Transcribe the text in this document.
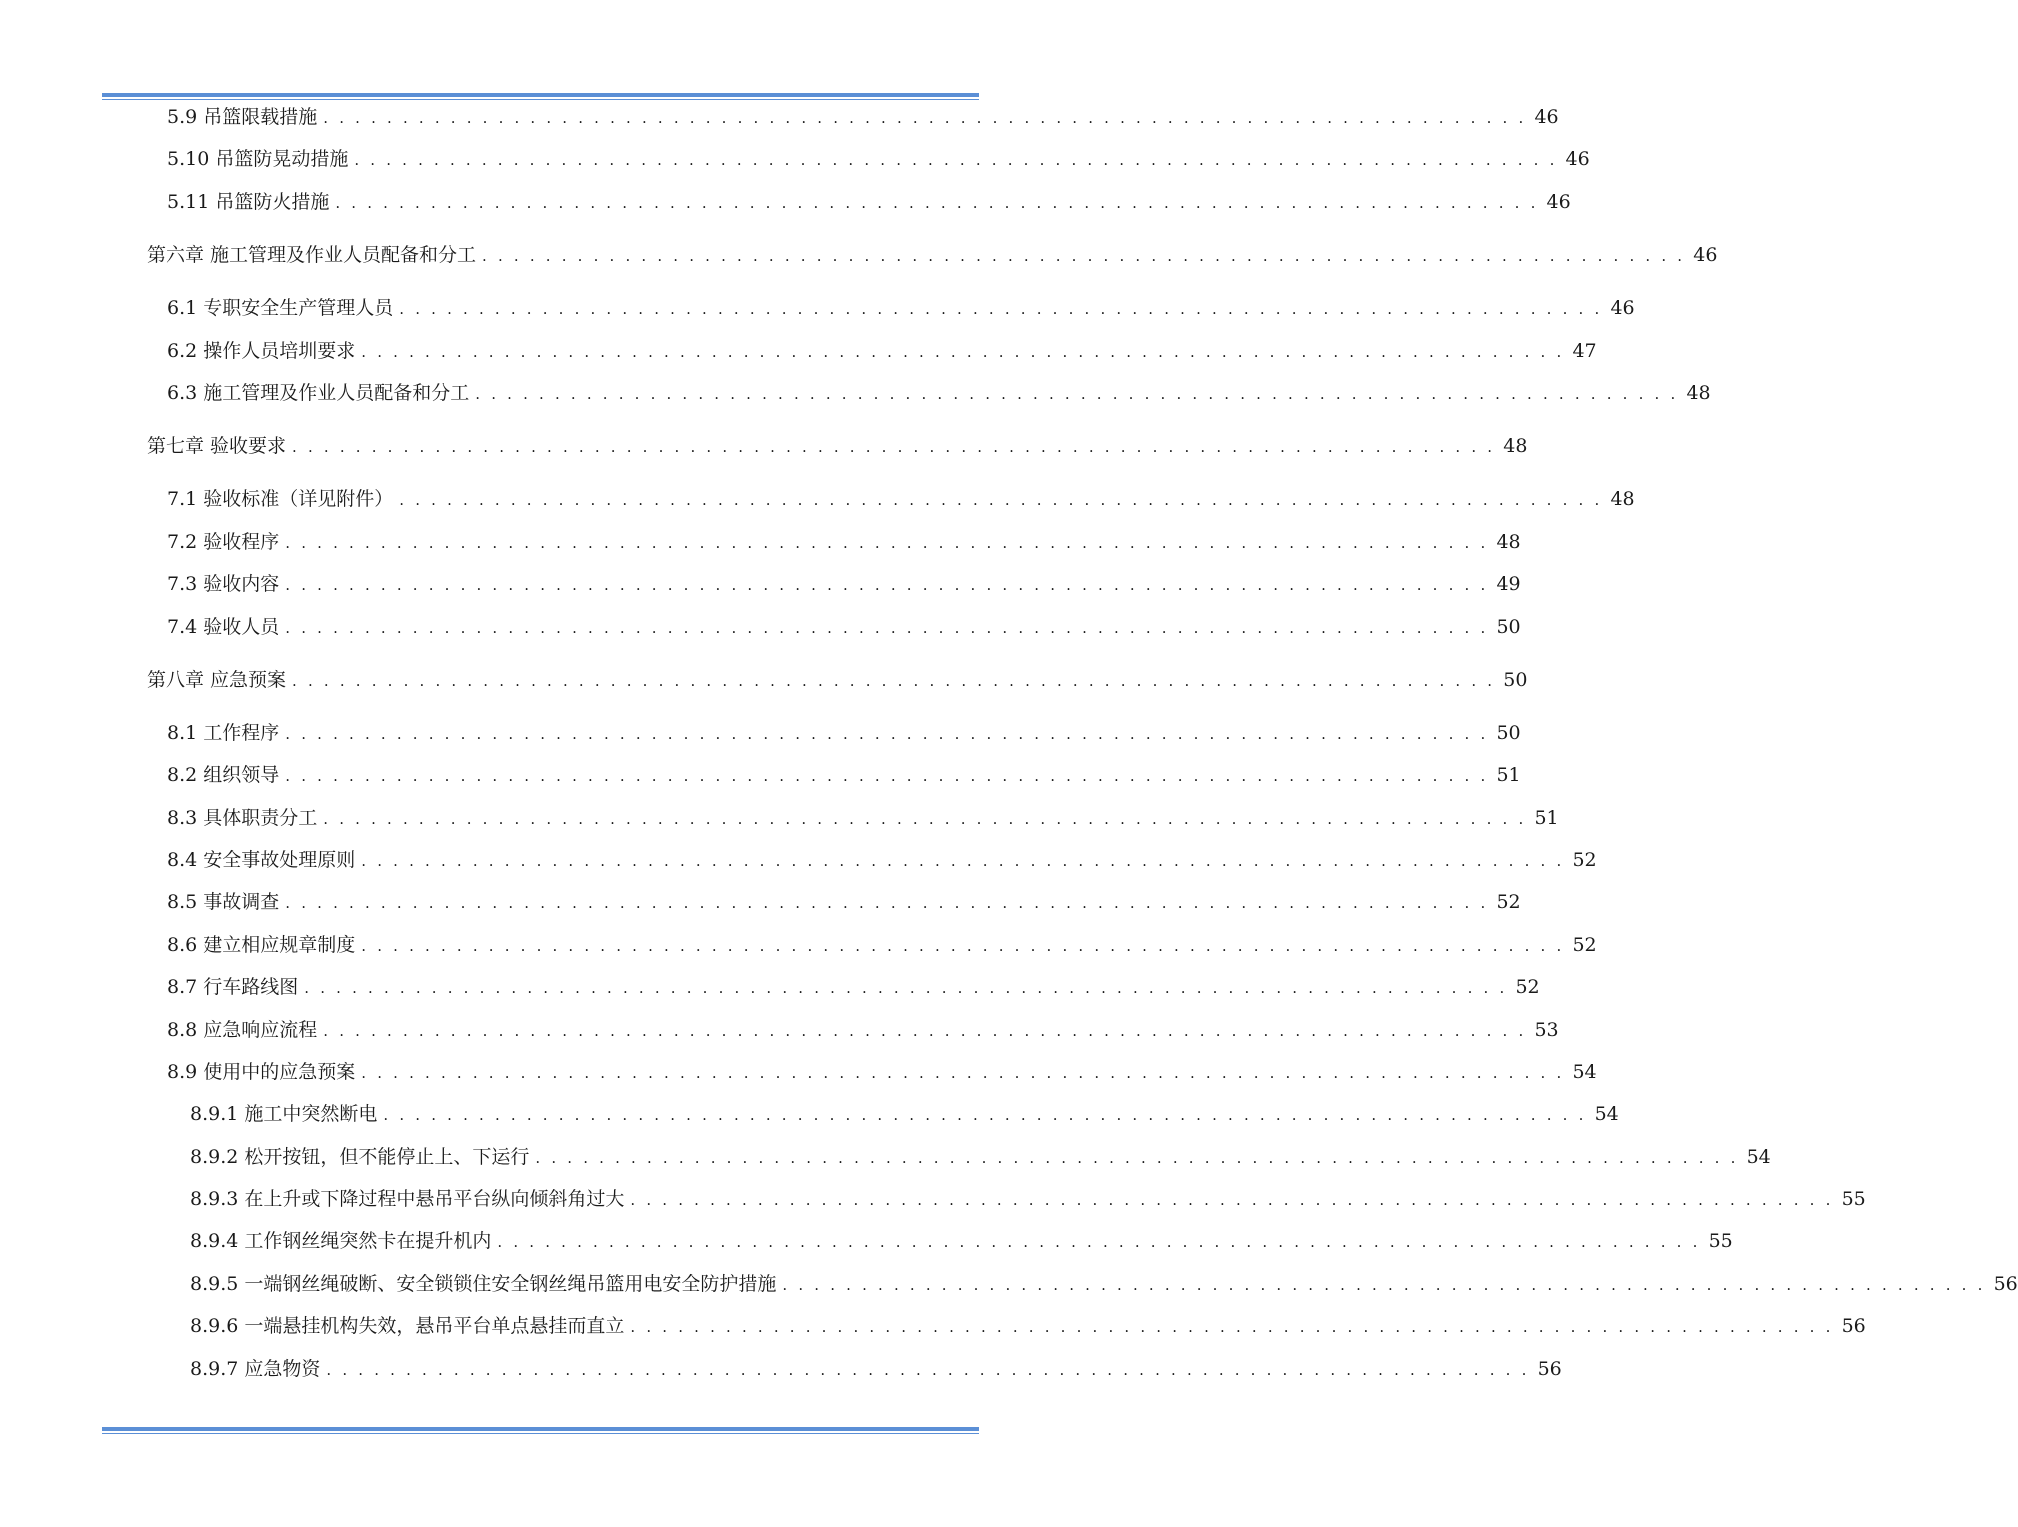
5.9 吊篮限载措施 . . . . . . . . . . . . . . . . . . . . . . . . . . . . . . . . . . . . . . . . . . . . . . . . . . . . . . . . . . . . . . . . . . . . . . . . . . . . 46
5.10 吊篮防晃动措施 . . . . . . . . . . . . . . . . . . . . . . . . . . . . . . . . . . . . . . . . . . . . . . . . . . . . . . . . . . . . . . . . . . . . . . . . . . . . 46
5.11 吊篮防火措施 . . . . . . . . . . . . . . . . . . . . . . . . . . . . . . . . . . . . . . . . . . . . . . . . . . . . . . . . . . . . . . . . . . . . . . . . . . . . 46
第六章 施工管理及作业人员配备和分工 . . . . . . . . . . . . . . . . . . . . . . . . . . . . . . . . . . . . . . . . . . . . . . . . . . . . . . . . . . . . . . . . . . . . . . . . . . . . 46
6.1 专职安全生产管理人员 . . . . . . . . . . . . . . . . . . . . . . . . . . . . . . . . . . . . . . . . . . . . . . . . . . . . . . . . . . . . . . . . . . . . . . . . . . . . 46
6.2 操作人员培圳要求 . . . . . . . . . . . . . . . . . . . . . . . . . . . . . . . . . . . . . . . . . . . . . . . . . . . . . . . . . . . . . . . . . . . . . . . . . . . . 47
6.3 施工管理及作业人员配备和分工 . . . . . . . . . . . . . . . . . . . . . . . . . . . . . . . . . . . . . . . . . . . . . . . . . . . . . . . . . . . . . . . . . . . . . . . . . . . . 48
第七章 验收要求 . . . . . . . . . . . . . . . . . . . . . . . . . . . . . . . . . . . . . . . . . . . . . . . . . . . . . . . . . . . . . . . . . . . . . . . . . . . . 48
7.1 验收标准（详见附件） . . . . . . . . . . . . . . . . . . . . . . . . . . . . . . . . . . . . . . . . . . . . . . . . . . . . . . . . . . . . . . . . . . . . . . . . . . . . 48
7.2 验收程序 . . . . . . . . . . . . . . . . . . . . . . . . . . . . . . . . . . . . . . . . . . . . . . . . . . . . . . . . . . . . . . . . . . . . . . . . . . . . 48
7.3 验收内容 . . . . . . . . . . . . . . . . . . . . . . . . . . . . . . . . . . . . . . . . . . . . . . . . . . . . . . . . . . . . . . . . . . . . . . . . . . . . 49
7.4 验收人员 . . . . . . . . . . . . . . . . . . . . . . . . . . . . . . . . . . . . . . . . . . . . . . . . . . . . . . . . . . . . . . . . . . . . . . . . . . . . 50
第八章 应急预案 . . . . . . . . . . . . . . . . . . . . . . . . . . . . . . . . . . . . . . . . . . . . . . . . . . . . . . . . . . . . . . . . . . . . . . . . . . . . 50
8.1 工作程序 . . . . . . . . . . . . . . . . . . . . . . . . . . . . . . . . . . . . . . . . . . . . . . . . . . . . . . . . . . . . . . . . . . . . . . . . . . . . 50
8.2 组织领导 . . . . . . . . . . . . . . . . . . . . . . . . . . . . . . . . . . . . . . . . . . . . . . . . . . . . . . . . . . . . . . . . . . . . . . . . . . . . 51
8.3 具体职责分工 . . . . . . . . . . . . . . . . . . . . . . . . . . . . . . . . . . . . . . . . . . . . . . . . . . . . . . . . . . . . . . . . . . . . . . . . . . . . 51
8.4 安全事故处理原则 . . . . . . . . . . . . . . . . . . . . . . . . . . . . . . . . . . . . . . . . . . . . . . . . . . . . . . . . . . . . . . . . . . . . . . . . . . . . 52
8.5 事故调查 . . . . . . . . . . . . . . . . . . . . . . . . . . . . . . . . . . . . . . . . . . . . . . . . . . . . . . . . . . . . . . . . . . . . . . . . . . . . 52
8.6 建立相应规章制度 . . . . . . . . . . . . . . . . . . . . . . . . . . . . . . . . . . . . . . . . . . . . . . . . . . . . . . . . . . . . . . . . . . . . . . . . . . . . 52
8.7 行车路线图 . . . . . . . . . . . . . . . . . . . . . . . . . . . . . . . . . . . . . . . . . . . . . . . . . . . . . . . . . . . . . . . . . . . . . . . . . . . . 52
8.8 应急响应流程 . . . . . . . . . . . . . . . . . . . . . . . . . . . . . . . . . . . . . . . . . . . . . . . . . . . . . . . . . . . . . . . . . . . . . . . . . . . . 53
8.9 使用中的应急预案 . . . . . . . . . . . . . . . . . . . . . . . . . . . . . . . . . . . . . . . . . . . . . . . . . . . . . . . . . . . . . . . . . . . . . . . . . . . . 54
8.9.1 施工中突然断电 . . . . . . . . . . . . . . . . . . . . . . . . . . . . . . . . . . . . . . . . . . . . . . . . . . . . . . . . . . . . . . . . . . . . . . . . . . . . 54
8.9.2 松开按钮，但不能停止上、下运行 . . . . . . . . . . . . . . . . . . . . . . . . . . . . . . . . . . . . . . . . . . . . . . . . . . . . . . . . . . . . . . . . . . . . . . . . . . . . 54
8.9.3 在上升或下降过程中悬吊平台纵向倾斜角过大 . . . . . . . . . . . . . . . . . . . . . . . . . . . . . . . . . . . . . . . . . . . . . . . . . . . . . . . . . . . . . . . . . . . . . . . . . . . . 55
8.9.4 工作钢丝绳突然卡在提升机内 . . . . . . . . . . . . . . . . . . . . . . . . . . . . . . . . . . . . . . . . . . . . . . . . . . . . . . . . . . . . . . . . . . . . . . . . . . . . 55
8.9.5 一端钢丝绳破断、安全锁锁住安全钢丝绳吊篮用电安全防护措施 . . . . . . . . . . . . . . . . . . . . . . . . . . . . . . . . . . . . . . . . . . . . . . . . . . . . . . . . . . . . . . . . . . . . . . . . . . . . 56
8.9.6 一端悬挂机构失效，悬吊平台单点悬挂而直立 . . . . . . . . . . . . . . . . . . . . . . . . . . . . . . . . . . . . . . . . . . . . . . . . . . . . . . . . . . . . . . . . . . . . . . . . . . . . 56
8.9.7 应急物资 . . . . . . . . . . . . . . . . . . . . . . . . . . . . . . . . . . . . . . . . . . . . . . . . . . . . . . . . . . . . . . . . . . . . . . . . . . . . 56
